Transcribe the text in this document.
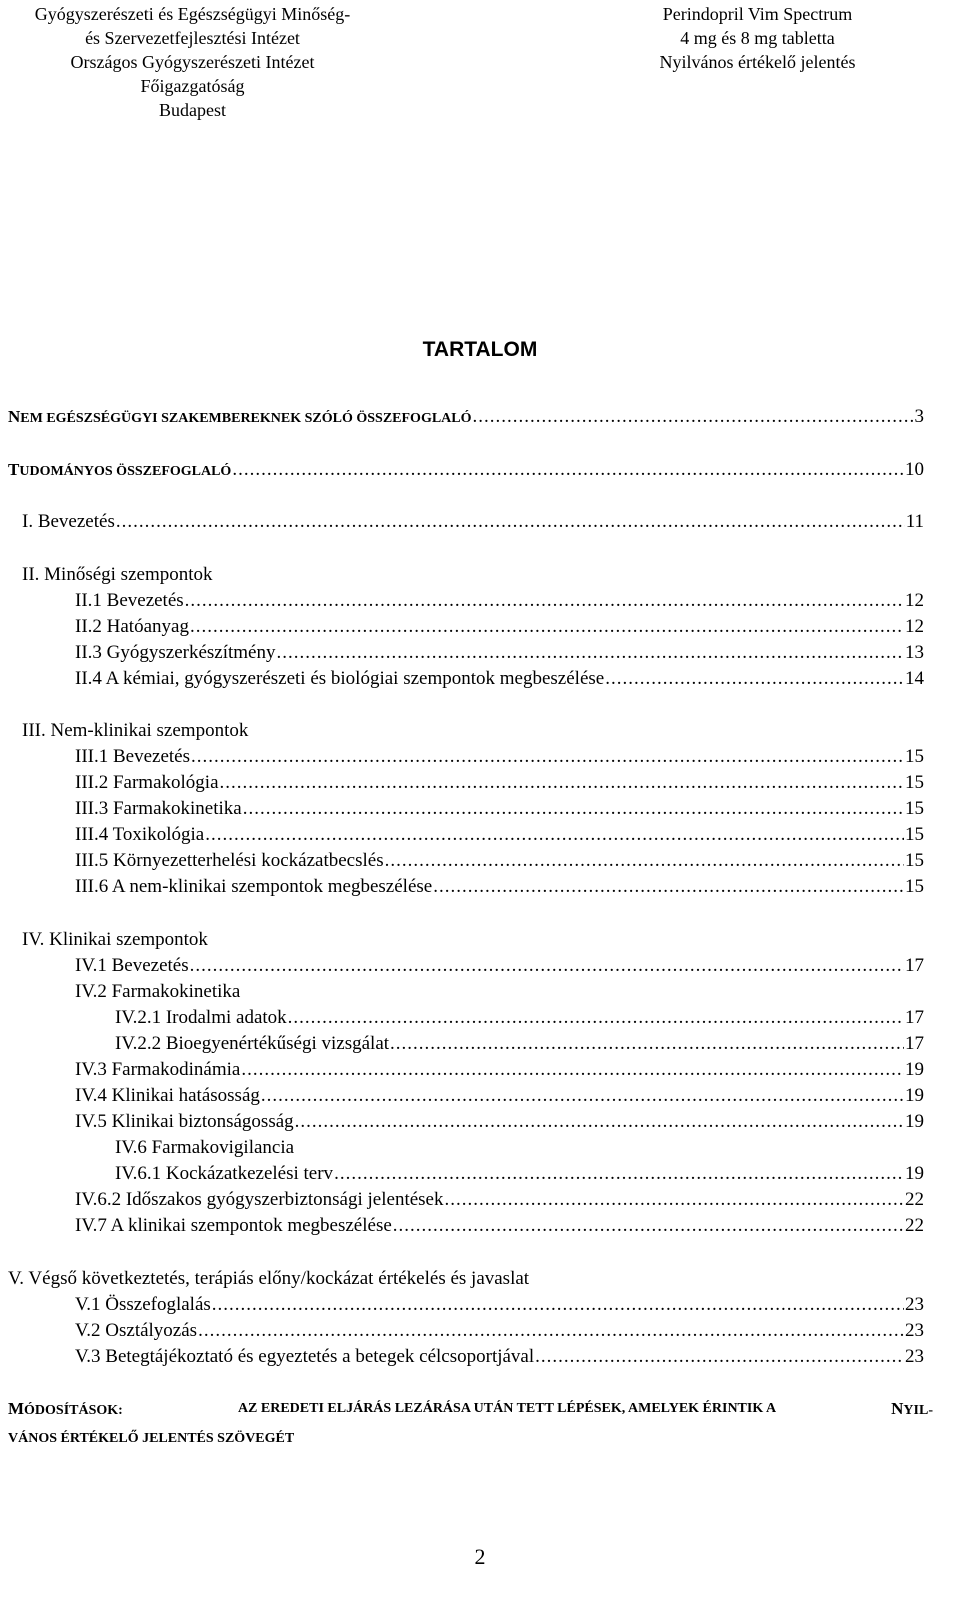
Gyógyszerészeti és Egészségügyi Minőség-
és Szervezetfejlesztési Intézet
Országos Gyógyszerészeti Intézet
Főigazgatóság
Budapest
Perindopril Vim Spectrum
4 mg és 8 mg tabletta
Nyilvános értékelő jelentés
TARTALOM
NEM EGÉSZSÉGÜGYI SZAKEMBEREKNEK SZÓLÓ ÖSSZEFOGLALÓ .....	3
TUDOMÁNYOS ÖSSZEFOGLALÓ .....	10
I. Bevezetés .....	11
II. Minőségi szempontok
II.1 Bevezetés .....	12
II.2 Hatóanyag .....	12
II.3 Gyógyszerkészítmény .....	13
II.4 A kémiai, gyógyszerészeti és biológiai szempontok megbeszélése .....	14
III. Nem-klinikai szempontok
III.1 Bevezetés .....	15
III.2 Farmakológia .....	15
III.3 Farmakokinetika .....	15
III.4 Toxikológia .....	15
III.5 Környezetterhelési kockázatbecslés .....	15
III.6 A nem-klinikai szempontok megbeszélése .....	15
IV. Klinikai szempontok
IV.1 Bevezetés .....	17
IV.2 Farmakokinetika
IV.2.1 Irodalmi adatok .....	17
IV.2.2 Bioegyenértékűségi vizsgálat .....	17
IV.3 Farmakodinámia .....	19
IV.4 Klinikai hatásosság .....	19
IV.5 Klinikai biztonságosság .....	19
IV.6 Farmakovigilancia
IV.6.1 Kockázatkezelési terv .....	19
IV.6.2 Időszakos gyógyszerbiztonsági jelentések .....	22
IV.7 A klinikai szempontok megbeszélése .....	22
V. Végső következtetés, terápiás előny/kockázat értékelés és javaslat
V.1 Összefoglalás .....	23
V.2 Osztályozás .....	23
V.3 Betegtájékoztató és egyeztetés a betegek célcsoportjával .....	23
MÓDOSÍTÁSOK:	AZ EREDETI ELJÁRÁS LEZÁRÁSA UTÁN TETT LÉPÉSEK, AMELYEK ÉRINTIK A	NYIL-
VÁNOS ÉRTÉKELŐ JELENTÉS SZÖVEGÉT
2
